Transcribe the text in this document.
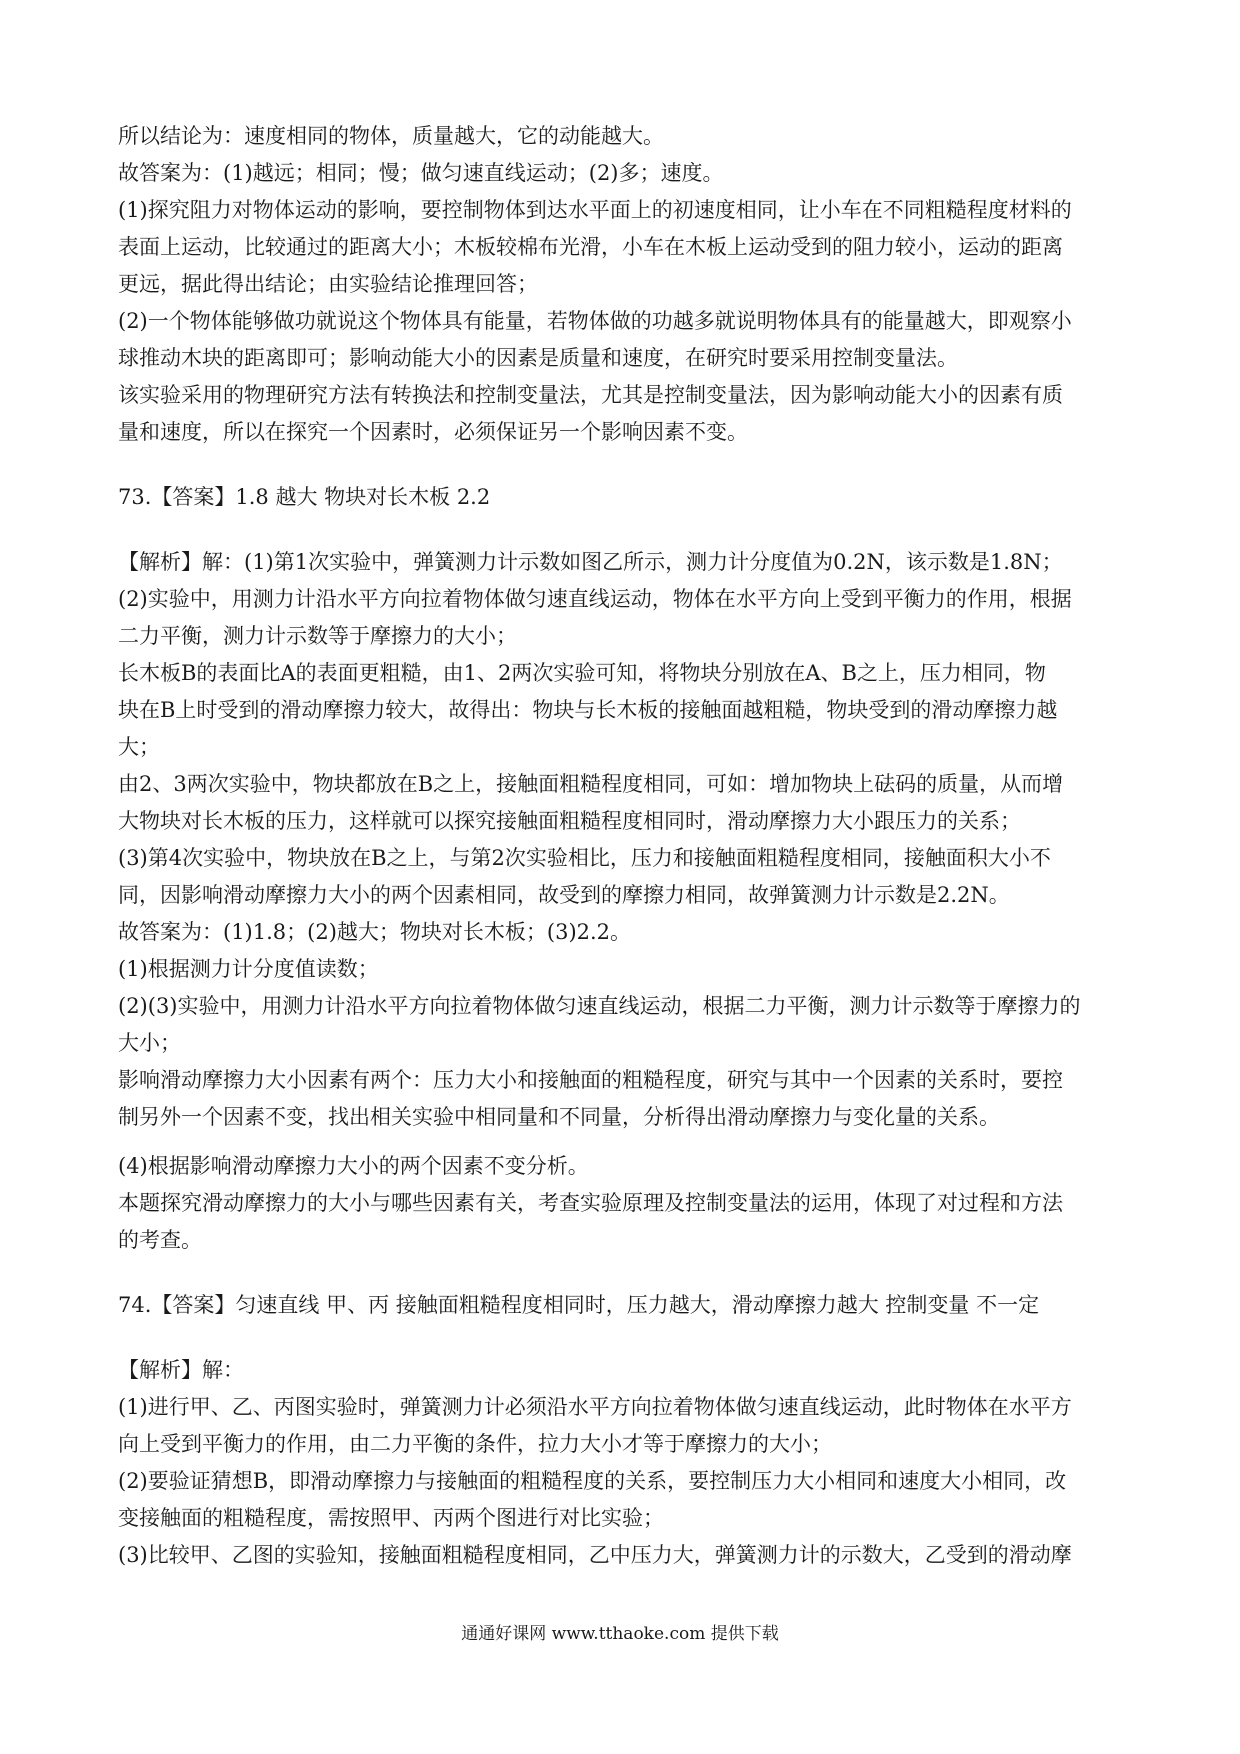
所以结论为：速度相同的物体，质量越大，它的动能越大。
故答案为：(1)越远；相同；慢；做匀速直线运动；(2)多；速度。
(1)探究阻力对物体运动的影响，要控制物体到达水平面上的初速度相同，让小车在不同粗糙程度材料的
表面上运动，比较通过的距离大小；木板较棉布光滑，小车在木板上运动受到的阻力较小，运动的距离
更远，据此得出结论；由实验结论推理回答；
(2)一个物体能够做功就说这个物体具有能量，若物体做的功越多就说明物体具有的能量越大，即观察小
球推动木块的距离即可；影响动能大小的因素是质量和速度，在研究时要采用控制变量法。
该实验采用的物理研究方法有转换法和控制变量法，尤其是控制变量法，因为影响动能大小的因素有质
量和速度，所以在探究一个因素时，必须保证另一个影响因素不变。
73.【答案】1.8 越大 物块对长木板 2.2
【解析】解：(1)第1次实验中，弹簧测力计示数如图乙所示，测力计分度值为0.2N，该示数是1.8N；
(2)实验中，用测力计沿水平方向拉着物体做匀速直线运动，物体在水平方向上受到平衡力的作用，根据
二力平衡，测力计示数等于摩擦力的大小；
长木板B的表面比A的表面更粗糙，由1、2两次实验可知，将物块分别放在A、B之上，压力相同，物
块在B上时受到的滑动摩擦力较大，故得出：物块与长木板的接触面越粗糙，物块受到的滑动摩擦力越
大；
由2、3两次实验中，物块都放在B之上，接触面粗糙程度相同，可如：增加物块上砝码的质量，从而增
大物块对长木板的压力，这样就可以探究接触面粗糙程度相同时，滑动摩擦力大小跟压力的关系；
(3)第4次实验中，物块放在B之上，与第2次实验相比，压力和接触面粗糙程度相同，接触面积大小不
同，因影响滑动摩擦力大小的两个因素相同，故受到的摩擦力相同，故弹簧测力计示数是2.2N。
故答案为：(1)1.8；(2)越大；物块对长木板；(3)2.2。
(1)根据测力计分度值读数；
(2)(3)实验中，用测力计沿水平方向拉着物体做匀速直线运动，根据二力平衡，测力计示数等于摩擦力的
大小；
影响滑动摩擦力大小因素有两个：压力大小和接触面的粗糙程度，研究与其中一个因素的关系时，要控
制另外一个因素不变，找出相关实验中相同量和不同量，分析得出滑动摩擦力与变化量的关系。
(4)根据影响滑动摩擦力大小的两个因素不变分析。
本题探究滑动摩擦力的大小与哪些因素有关，考查实验原理及控制变量法的运用，体现了对过程和方法
的考查。
74.【答案】匀速直线 甲、丙 接触面粗糙程度相同时，压力越大，滑动摩擦力越大 控制变量 不一定
【解析】解：
(1)进行甲、乙、丙图实验时，弹簧测力计必须沿水平方向拉着物体做匀速直线运动，此时物体在水平方
向上受到平衡力的作用，由二力平衡的条件，拉力大小才等于摩擦力的大小；
(2)要验证猜想B，即滑动摩擦力与接触面的粗糙程度的关系，要控制压力大小相同和速度大小相同，改
变接触面的粗糙程度，需按照甲、丙两个图进行对比实验；
(3)比较甲、乙图的实验知，接触面粗糙程度相同，乙中压力大，弹簧测力计的示数大，乙受到的滑动摩
通通好课网 www.tthaoke.com 提供下载
